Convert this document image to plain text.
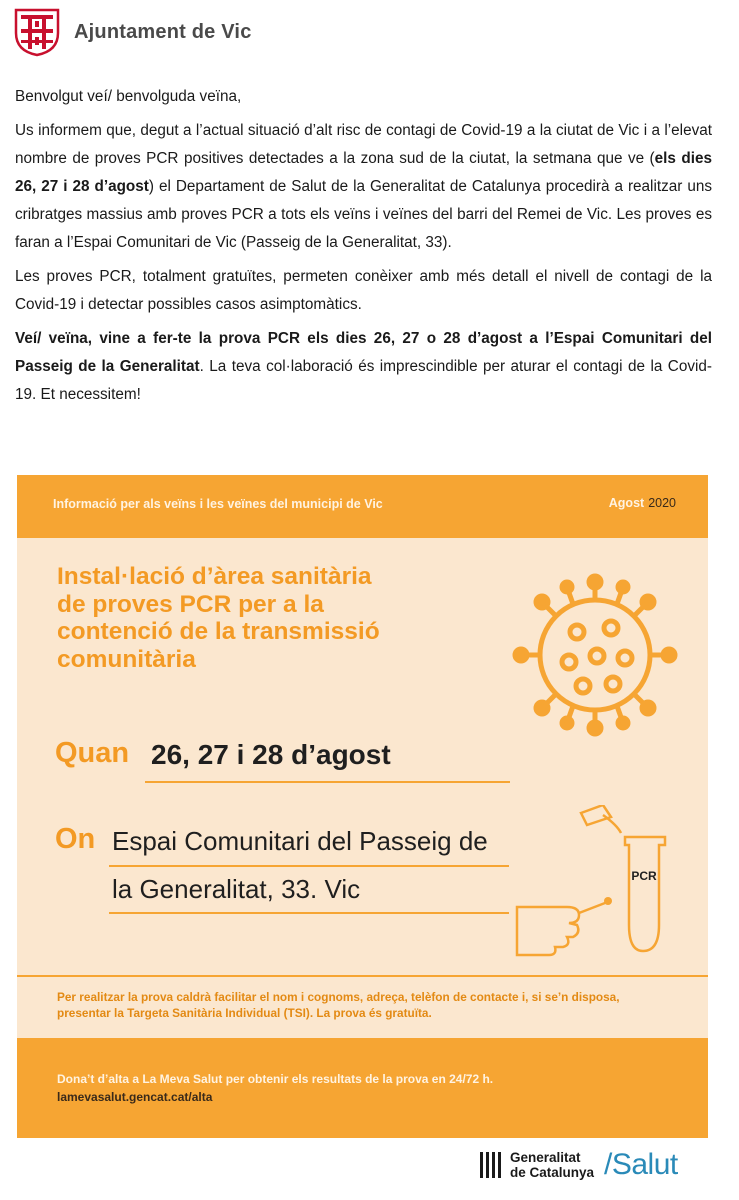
Ajuntament de Vic

Benvolgut veí/ benvolguda veïna,

Us informem que, degut a l’actual situació d’alt risc de contagi de Covid-19 a la ciutat de Vic i a l’elevat nombre de proves PCR positives detectades a la zona sud de la ciutat, la setmana que ve (els dies 26, 27 i 28 d’agost) el Departament de Salut de la Generalitat de Catalunya procedirà a realitzar uns cribratges massius amb proves PCR a tots els veïns i veïnes del barri del Remei de Vic. Les proves es faran a l’Espai Comunitari de Vic (Passeig de la Generalitat, 33).

Les proves PCR, totalment gratuïtes, permeten conèixer amb més detall el nivell de contagi de la Covid-19 i detectar possibles casos asimptomàtics.

Veí/ veïna, vine a fer-te la prova PCR els dies 26, 27 o 28 d’agost a l’Espai Comunitari del Passeig de la Generalitat. La teva col·laboració és imprescindible per aturar el contagi de la Covid-19. Et necessitem!

Informació per als veïns i les veïnes del municipi de Vic	Agost 2020
Instal·lació d’àrea sanitària
de proves PCR per a la
contenció de la transmissió
comunitària
Quan 26, 27 i 28 d’agost
On Espai Comunitari del Passeig de
la Generalitat, 33. Vic	PCR
Per realitzar la prova caldrà facilitar el nom i cognoms, adreça, telèfon de contacte i, si se’n disposa, presentar la Targeta Sanitària Individual (TSI). La prova és gratuïta.
Dona’t d’alta a La Meva Salut per obtenir els resultats de la prova en 24/72 h.
lamevasalut.gencat.cat/alta
Generalitat
de Catalunya /Salut
